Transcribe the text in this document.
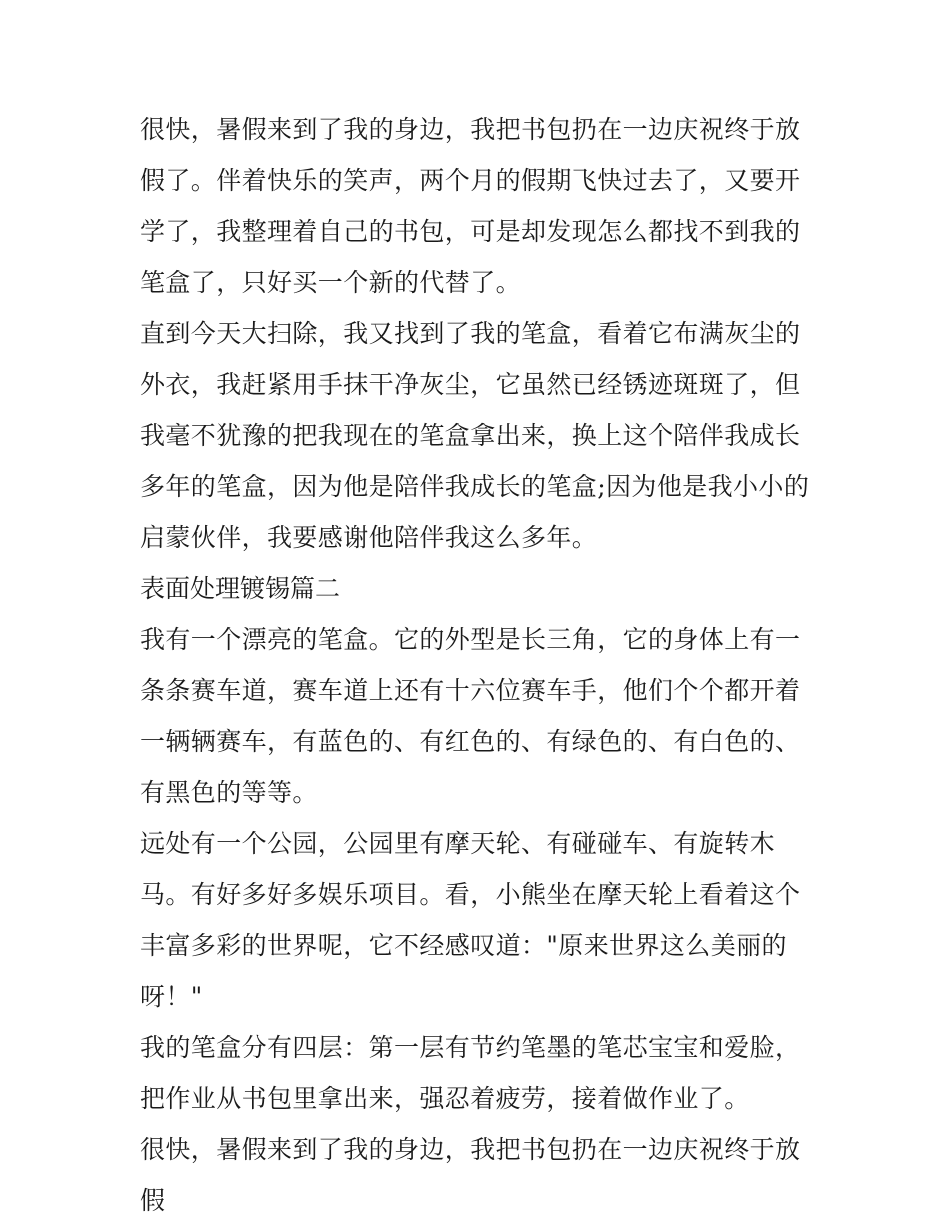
很快，暑假来到了我的身边，我把书包扔在一边庆祝终于放假了。伴着快乐的笑声，两个月的假期飞快过去了，又要开学了，我整理着自己的书包，可是却发现怎么都找不到我的笔盒了，只好买一个新的代替了。

直到今天大扫除，我又找到了我的笔盒，看着它布满灰尘的外衣，我赶紧用手抹干净灰尘，它虽然已经锈迹斑斑了，但我毫不犹豫的把我现在的笔盒拿出来，换上这个陪伴我成长多年的笔盒，因为他是陪伴我成长的笔盒;因为他是我小小的启蒙伙伴，我要感谢他陪伴我这么多年。

表面处理镀锡篇二

我有一个漂亮的笔盒。它的外型是长三角，它的身体上有一条条赛车道，赛车道上还有十六位赛车手，他们个个都开着一辆辆赛车，有蓝色的、有红色的、有绿色的、有白色的、有黑色的等等。

远处有一个公园，公园里有摩天轮、有碰碰车、有旋转木马。有好多好多娱乐项目。看，小熊坐在摩天轮上看着这个丰富多彩的世界呢，它不经感叹道："原来世界这么美丽的呀！"

我的笔盒分有四层：第一层有节约笔墨的笔芯宝宝和爱脸，把作业从书包里拿出来，强忍着疲劳，接着做作业了。

很快，暑假来到了我的身边，我把书包扔在一边庆祝终于放假
